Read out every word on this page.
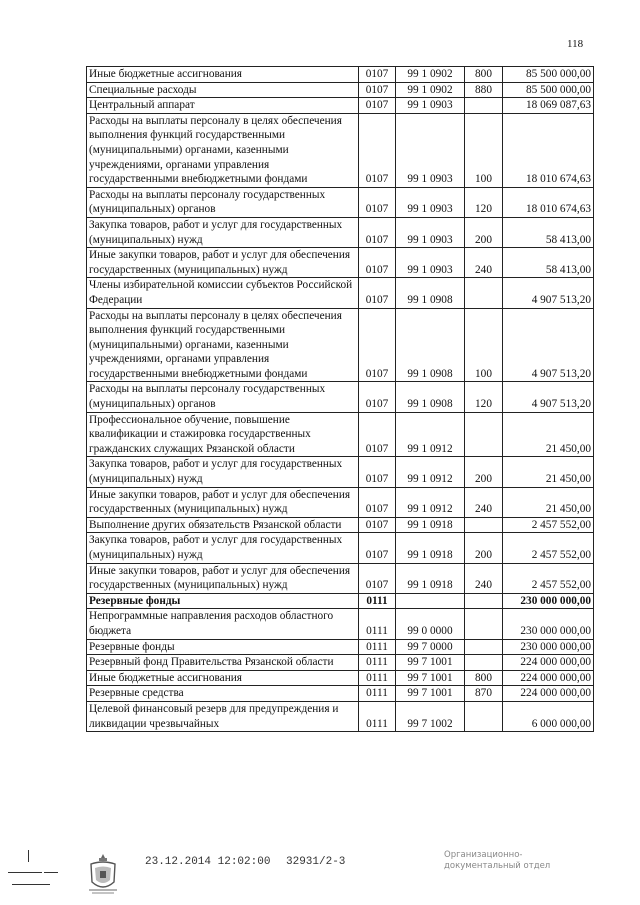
118
Иные бюджетные ассигнования	0107	99 1 0902	800	85 500 000,00
Специальные расходы	0107	99 1 0902	880	85 500 000,00
Центральный аппарат	0107	99 1 0903		18 069 087,63
Расходы на выплаты персоналу в целях обеспечения выполнения функций государственными (муниципальными) органами, казенными учреждениями, органами управления государственными внебюджетными фондами	0107	99 1 0903	100	18 010 674,63
Расходы на выплаты персоналу государственных (муниципальных) органов	0107	99 1 0903	120	18 010 674,63
Закупка товаров, работ и услуг для государственных (муниципальных) нужд	0107	99 1 0903	200	58 413,00
Иные закупки товаров, работ и услуг для обеспечения государственных (муниципальных) нужд	0107	99 1 0903	240	58 413,00
Члены избирательной комиссии субъектов Российской Федерации	0107	99 1 0908		4 907 513,20
Расходы на выплаты персоналу в целях обеспечения выполнения функций государственными (муниципальными) органами, казенными учреждениями, органами управления государственными внебюджетными фондами	0107	99 1 0908	100	4 907 513,20
Расходы на выплаты персоналу государственных (муниципальных) органов	0107	99 1 0908	120	4 907 513,20
Профессиональное обучение, повышение квалификации и стажировка государственных гражданских служащих Рязанской области	0107	99 1 0912		21 450,00
Закупка товаров, работ и услуг для государственных (муниципальных) нужд	0107	99 1 0912	200	21 450,00
Иные закупки товаров, работ и услуг для обеспечения государственных (муниципальных) нужд	0107	99 1 0912	240	21 450,00
Выполнение других обязательств Рязанской области	0107	99 1 0918		2 457 552,00
Закупка товаров, работ и услуг для государственных (муниципальных) нужд	0107	99 1 0918	200	2 457 552,00
Иные закупки товаров, работ и услуг для обеспечения государственных (муниципальных) нужд	0107	99 1 0918	240	2 457 552,00
Резервные фонды	0111			230 000 000,00
Непрограммные направления расходов областного бюджета	0111	99 0 0000		230 000 000,00
Резервные фонды	0111	99 7 0000		230 000 000,00
Резервный фонд Правительства Рязанской области	0111	99 7 1001		224 000 000,00
Иные бюджетные ассигнования	0111	99 7 1001	800	224 000 000,00
Резервные средства	0111	99 7 1001	870	224 000 000,00
Целевой финансовый резерв для предупреждения и ликвидации чрезвычайных	0111	99 7 1002		6 000 000,00
23.12.2014 12:02:00 32931/2-3
Организационно-
документальный отдел
